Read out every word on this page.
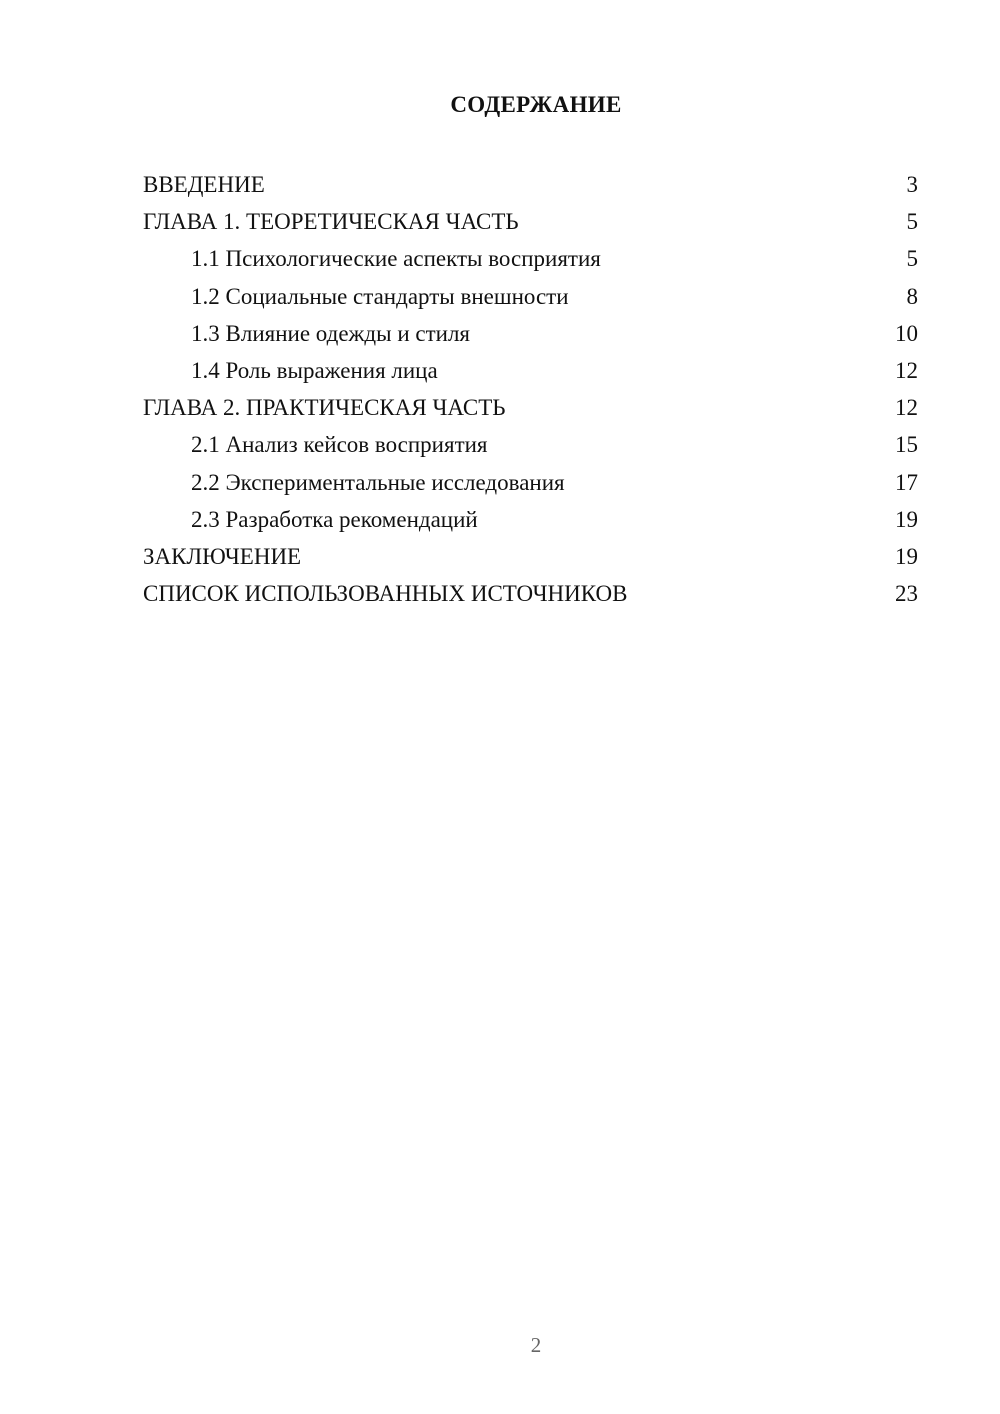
СОДЕРЖАНИЕ
ВВЕДЕНИЕ	3
ГЛАВА 1. ТЕОРЕТИЧЕСКАЯ ЧАСТЬ	5
1.1 Психологические аспекты восприятия	5
1.2 Социальные стандарты внешности	8
1.3 Влияние одежды и стиля	10
1.4 Роль выражения лица	12
ГЛАВА 2. ПРАКТИЧЕСКАЯ ЧАСТЬ	12
2.1 Анализ кейсов восприятия	15
2.2 Экспериментальные исследования	17
2.3 Разработка рекомендаций	19
ЗАКЛЮЧЕНИЕ	19
СПИСОК ИСПОЛЬЗОВАННЫХ ИСТОЧНИКОВ	23
2
